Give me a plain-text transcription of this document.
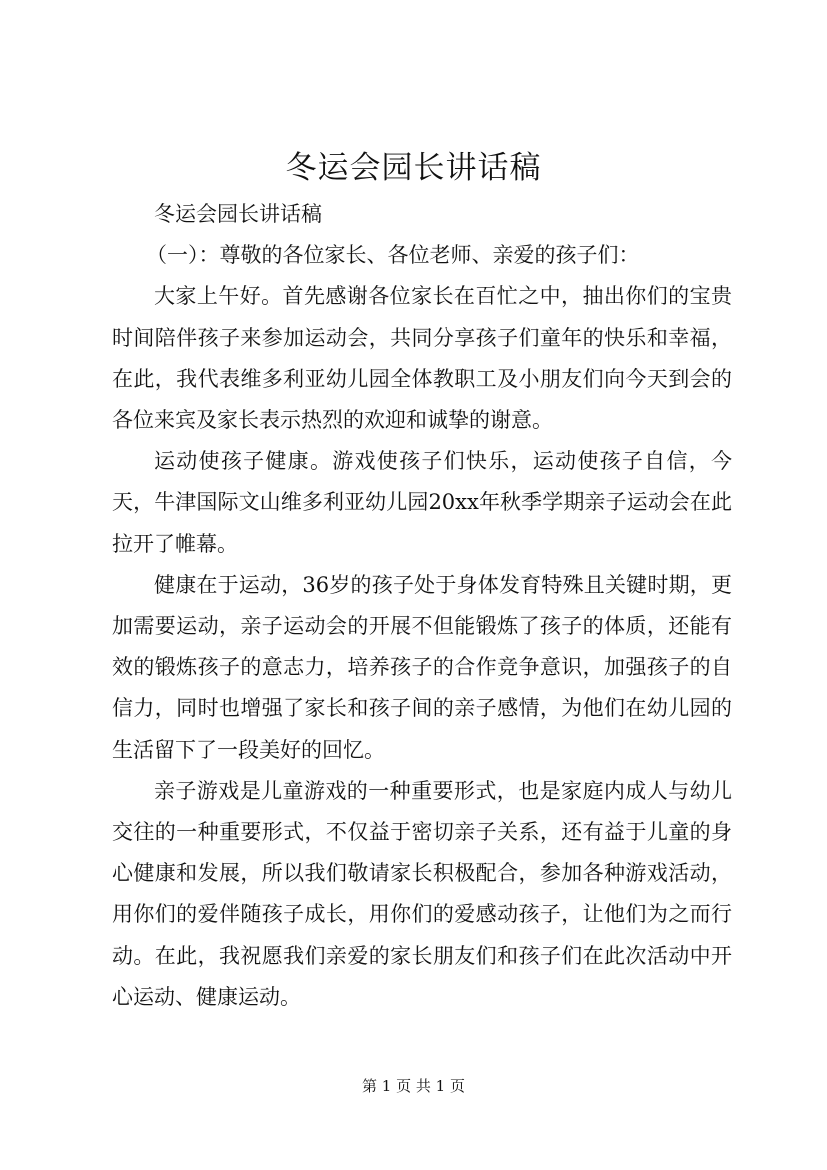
冬运会园长讲话稿

冬运会园长讲话稿

（一）：尊敬的各位家长、各位老师、亲爱的孩子们：

大家上午好。首先感谢各位家长在百忙之中，抽出你们的宝贵时间陪伴孩子来参加运动会，共同分享孩子们童年的快乐和幸福，在此，我代表维多利亚幼儿园全体教职工及小朋友们向今天到会的各位来宾及家长表示热烈的欢迎和诚挚的谢意。

运动使孩子健康。游戏使孩子们快乐，运动使孩子自信，今天，牛津国际文山维多利亚幼儿园20xx年秋季学期亲子运动会在此拉开了帷幕。

健康在于运动，36岁的孩子处于身体发育特殊且关键时期，更加需要运动，亲子运动会的开展不但能锻炼了孩子的体质，还能有效的锻炼孩子的意志力，培养孩子的合作竞争意识，加强孩子的自信力，同时也增强了家长和孩子间的亲子感情，为他们在幼儿园的生活留下了一段美好的回忆。

亲子游戏是儿童游戏的一种重要形式，也是家庭内成人与幼儿交往的一种重要形式，不仅益于密切亲子关系，还有益于儿童的身心健康和发展，所以我们敬请家长积极配合，参加各种游戏活动，用你们的爱伴随孩子成长，用你们的爱感动孩子，让他们为之而行动。在此，我祝愿我们亲爱的家长朋友们和孩子们在此次活动中开心运动、健康运动。

第 1 页 共 1 页
